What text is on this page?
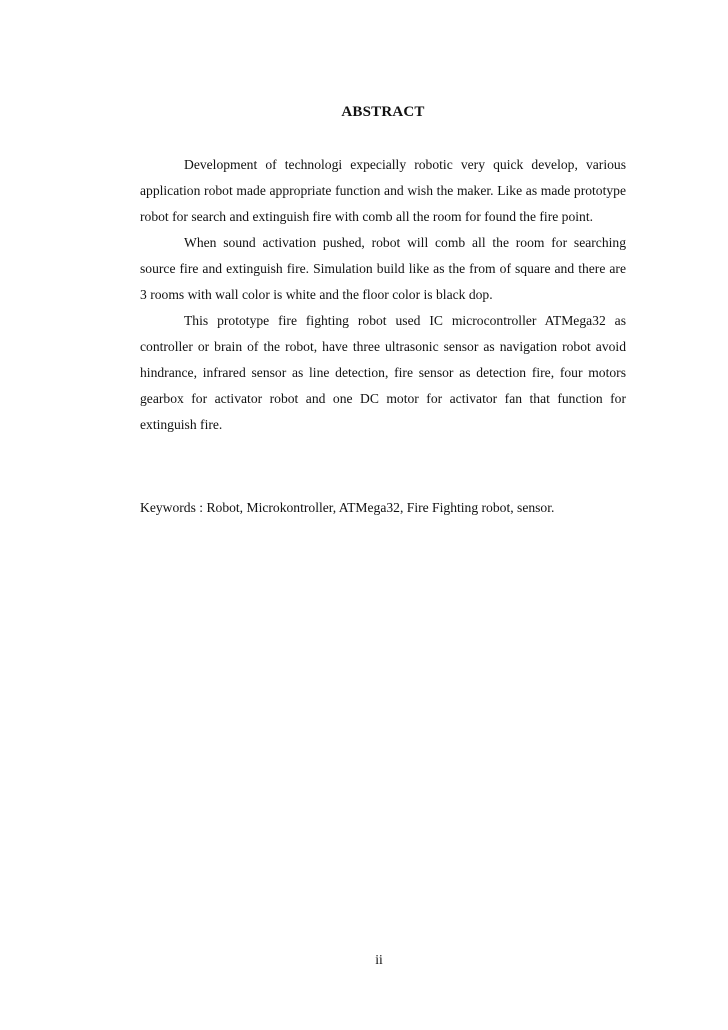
ABSTRACT

Development of technologi expecially robotic very quick develop, various application robot made appropriate function and wish the maker. Like as made prototype robot for search and extinguish fire with comb all the room for found the fire point.

When sound activation pushed, robot will comb all the room for searching source fire and extinguish fire. Simulation build like as the from of square and there are 3 rooms with wall color is white and the floor color is black dop.

This prototype fire fighting robot used IC microcontroller ATMega32 as controller or brain of the robot, have three ultrasonic sensor as navigation robot avoid hindrance, infrared sensor as line detection, fire sensor as detection fire, four motors gearbox for activator robot and one DC motor for activator fan that function for extinguish fire.

Keywords : Robot, Microkontroller, ATMega32, Fire Fighting robot, sensor.
ii
